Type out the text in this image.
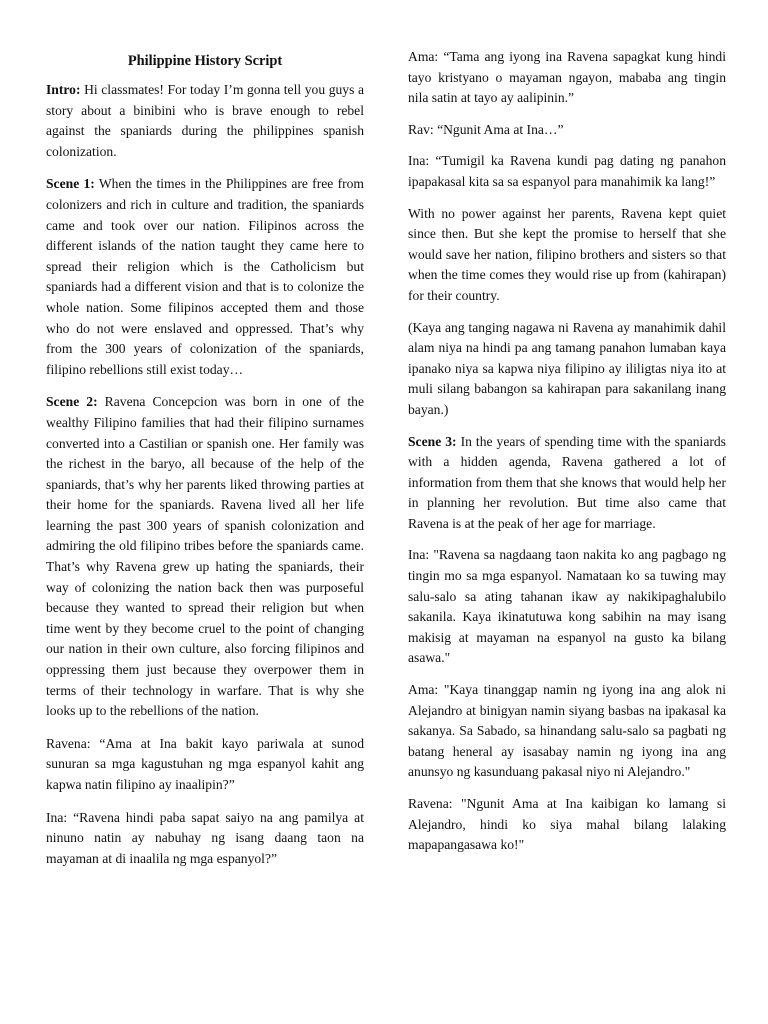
Philippine History Script

Intro: Hi classmates! For today I’m gonna tell you guys a story about a binibini who is brave enough to rebel against the spaniards during the philippines spanish colonization.

Scene 1: When the times in the Philippines are free from colonizers and rich in culture and tradition, the spaniards came and took over our nation. Filipinos across the different islands of the nation taught they came here to spread their religion which is the Catholicism but spaniards had a different vision and that is to colonize the whole nation. Some filipinos accepted them and those who do not were enslaved and oppressed. That’s why from the 300 years of colonization of the spaniards, filipino rebellions still exist today…

Scene 2: Ravena Concepcion was born in one of the wealthy Filipino families that had their filipino surnames converted into a Castilian or spanish one. Her family was the richest in the baryo, all because of the help of the spaniards, that’s why her parents liked throwing parties at their home for the spaniards. Ravena lived all her life learning the past 300 years of spanish colonization and admiring the old filipino tribes before the spaniards came. That’s why Ravena grew up hating the spaniards, their way of colonizing the nation back then was purposeful because they wanted to spread their religion but when time went by they become cruel to the point of changing our nation in their own culture, also forcing filipinos and oppressing them just because they overpower them in terms of their technology in warfare. That is why she looks up to the rebellions of the nation.

Ravena: “Ama at Ina bakit kayo pariwala at sunod sunuran sa mga kagustuhan ng mga espanyol kahit ang kapwa natin filipino ay inaalipin?”

Ina: “Ravena hindi paba sapat saiyo na ang pamilya at ninuno natin ay nabuhay ng isang daang taon na mayaman at di inaalila ng mga espanyol?”

Ama: “Tama ang iyong ina Ravena sapagkat kung hindi tayo kristyano o mayaman ngayon, mababa ang tingin nila satin at tayo ay aalipinin.”

Rav: “Ngunit Ama at Ina…”

Ina: “Tumigil ka Ravena kundi pag dating ng panahon ipapakasal kita sa sa espanyol para manahimik ka lang!”

With no power against her parents, Ravena kept quiet since then. But she kept the promise to herself that she would save her nation, filipino brothers and sisters so that when the time comes they would rise up from (kahirapan) for their country.

(Kaya ang tanging nagawa ni Ravena ay manahimik dahil alam niya na hindi pa ang tamang panahon lumaban kaya ipanako niya sa kapwa niya filipino ay ililigtas niya ito at muli silang babangon sa kahirapan para sakanilang inang bayan.)

Scene 3: In the years of spending time with the spaniards with a hidden agenda, Ravena gathered a lot of information from them that she knows that would help her in planning her revolution. But time also came that Ravena is at the peak of her age for marriage.

Ina: "Ravena sa nagdaang taon nakita ko ang pagbago ng tingin mo sa mga espanyol. Namataan ko sa tuwing may salu-salo sa ating tahanan ikaw ay nakikipaghalubilo sakanila. Kaya ikinatutuwa kong sabihin na may isang makisig at mayaman na espanyol na gusto ka bilang asawa."

Ama: "Kaya tinanggap namin ng iyong ina ang alok ni Alejandro at binigyan namin siyang basbas na ipakasal ka sakanya. Sa Sabado, sa hinandang salu-salo sa pagbati ng batang heneral ay isasabay namin ng iyong ina ang anunsyo ng kasunduang pakasal niyo ni Alejandro."

Ravena: "Ngunit Ama at Ina kaibigan ko lamang si Alejandro, hindi ko siya mahal bilang lalaking mapapangasawa ko!"
